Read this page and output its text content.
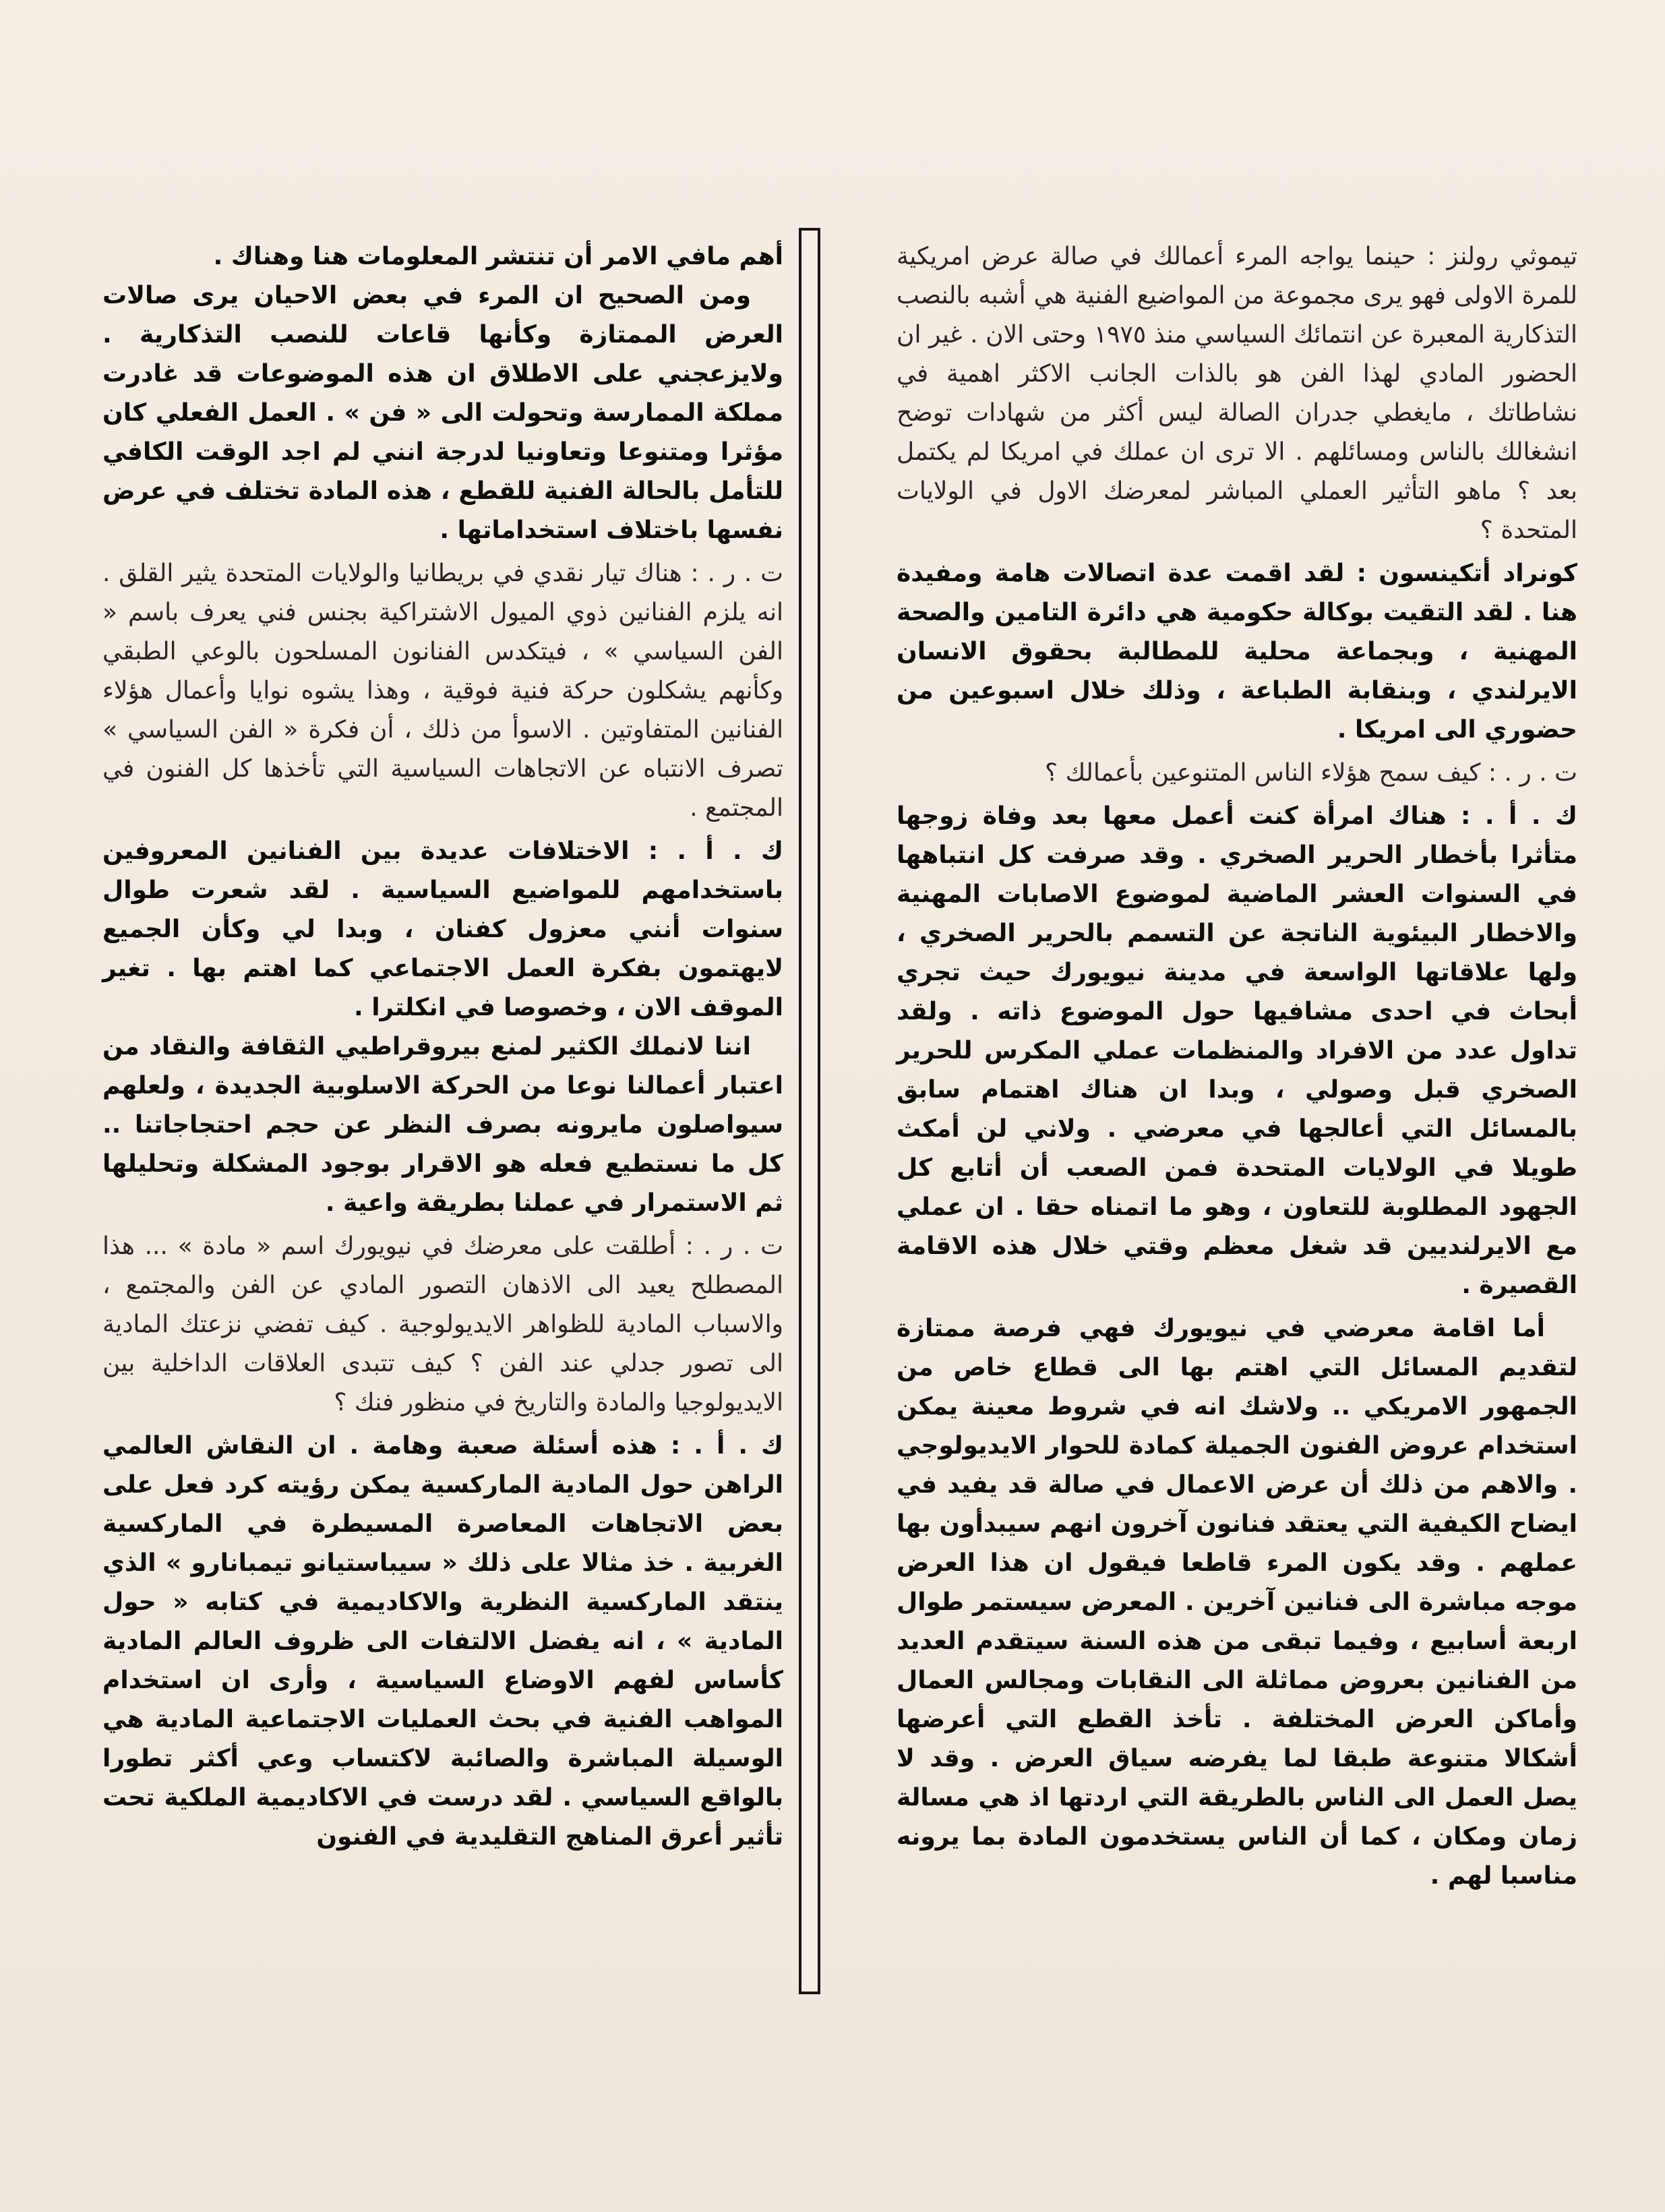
تيموثي رولنز : حينما يواجه المرء أعمالك في صالة عرض امريكية للمرة الاولى فهو يرى مجموعة من المواضيع الفنية هي أشبه بالنصب التذكارية المعبرة عن انتمائك السياسي منذ ١٩٧٥ وحتى الان . غير ان الحضور المادي لهذا الفن هو بالذات الجانب الاكثر اهمية في نشاطاتك ، مايغطي جدران الصالة ليس أكثر من شهادات توضح انشغالك بالناس ومسائلهم . الا ترى ان عملك في امريكا لم يكتمل بعد ؟ ماهو التأثير العملي المباشر لمعرضك الاول في الولايات المتحدة ؟

كونراد أتكينسون : لقد اقمت عدة اتصالات هامة ومفيدة هنا . لقد التقيت بوكالة حكومية هي دائرة التامين والصحة المهنية ، وبجماعة محلية للمطالبة بحقوق الانسان الايرلندي ، وبنقابة الطباعة ، وذلك خلال اسبوعين من حضوري الى امريكا .

ت . ر . : كيف سمح هؤلاء الناس المتنوعين بأعمالك ؟

ك . أ . : هناك امرأة كنت أعمل معها بعد وفاة زوجها متأثرا بأخطار الحرير الصخري . وقد صرفت كل انتباهها في السنوات العشر الماضية لموضوع الاصابات المهنية والاخطار البيئوية الناتجة عن التسمم بالحرير الصخري ، ولها علاقاتها الواسعة في مدينة نيويورك حيث تجري أبحاث في احدى مشافيها حول الموضوع ذاته . ولقد تداول عدد من الافراد والمنظمات عملي المكرس للحرير الصخري قبل وصولي ، وبدا ان هناك اهتمام سابق بالمسائل التي أعالجها في معرضي . ولاني لن أمكث طويلا في الولايات المتحدة فمن الصعب أن أتابع كل الجهود المطلوبة للتعاون ، وهو ما اتمناه حقا . ان عملي مع الايرلنديين قد شغل معظم وقتي خلال هذه الاقامة القصيرة .

أما اقامة معرضي في نيويورك فهي فرصة ممتازة لتقديم المسائل التي اهتم بها الى قطاع خاص من الجمهور الامريكي .. ولاشك انه في شروط معينة يمكن استخدام عروض الفنون الجميلة كمادة للحوار الايديولوجي . والاهم من ذلك أن عرض الاعمال في صالة قد يفيد في ايضاح الكيفية التي يعتقد فنانون آخرون انهم سيبدأون بها عملهم . وقد يكون المرء قاطعا فيقول ان هذا العرض موجه مباشرة الى فنانين آخرين . المعرض سيستمر طوال اربعة أسابيع ، وفيما تبقى من هذه السنة سيتقدم العديد من الفنانين بعروض مماثلة الى النقابات ومجالس العمال وأماكن العرض المختلفة . تأخذ القطع التي أعرضها أشكالا متنوعة طبقا لما يفرضه سياق العرض . وقد لا يصل العمل الى الناس بالطريقة التي اردتها اذ هي مسالة زمان ومكان ، كما أن الناس يستخدمون المادة بما يرونه مناسبا لهم .

أهم مافي الامر أن تنتشر المعلومات هنا وهناك .

ومن الصحيح ان المرء في بعض الاحيان يرى صالات العرض الممتازة وكأنها قاعات للنصب التذكارية . ولايزعجني على الاطلاق ان هذه الموضوعات قد غادرت مملكة الممارسة وتحولت الى « فن » . العمل الفعلي كان مؤثرا ومتنوعا وتعاونيا لدرجة انني لم اجد الوقت الكافي للتأمل بالحالة الفنية للقطع ، هذه المادة تختلف في عرض نفسها باختلاف استخداماتها .

ت . ر . : هناك تيار نقدي في بريطانيا والولايات المتحدة يثير القلق . انه يلزم الفنانين ذوي الميول الاشتراكية بجنس فني يعرف باسم « الفن السياسي » ، فيتكدس الفنانون المسلحون بالوعي الطبقي وكأنهم يشكلون حركة فنية فوقية ، وهذا يشوه نوايا وأعمال هؤلاء الفنانين المتفاوتين . الاسوأ من ذلك ، أن فكرة « الفن السياسي » تصرف الانتباه عن الاتجاهات السياسية التي تأخذها كل الفنون في المجتمع .

ك . أ . : الاختلافات عديدة بين الفنانين المعروفين باستخدامهم للمواضيع السياسية . لقد شعرت طوال سنوات أنني معزول كفنان ، وبدا لي وكأن الجميع لايهتمون بفكرة العمل الاجتماعي كما اهتم بها . تغير الموقف الان ، وخصوصا في انكلترا .

اننا لانملك الكثير لمنع بيروقراطيي الثقافة والنقاد من اعتبار أعمالنا نوعا من الحركة الاسلوبية الجديدة ، ولعلهم سيواصلون مايرونه بصرف النظر عن حجم احتجاجاتنا .. كل ما نستطيع فعله هو الاقرار بوجود المشكلة وتحليلها ثم الاستمرار في عملنا بطريقة واعية .

ت . ر . : أطلقت على معرضك في نيويورك اسم « مادة » ... هذا المصطلح يعيد الى الاذهان التصور المادي عن الفن والمجتمع ، والاسباب المادية للظواهر الايديولوجية . كيف تفضي نزعتك المادية الى تصور جدلي عند الفن ؟ كيف تتبدى العلاقات الداخلية بين الايديولوجيا والمادة والتاريخ في منظور فنك ؟

ك . أ . : هذه أسئلة صعبة وهامة . ان النقاش العالمي الراهن حول المادية الماركسية يمكن رؤيته كرد فعل على بعض الاتجاهات المعاصرة المسيطرة في الماركسية الغربية . خذ مثالا على ذلك « سيباستيانو تيمبانارو » الذي ينتقد الماركسية النظرية والاكاديمية في كتابه « حول المادية » ، انه يفضل الالتفات الى ظروف العالم المادية كأساس لفهم الاوضاع السياسية ، وأرى ان استخدام المواهب الفنية في بحث العمليات الاجتماعية المادية هي الوسيلة المباشرة والصائبة لاكتساب وعي أكثر تطورا بالواقع السياسي . لقد درست في الاكاديمية الملكية تحت تأثير أعرق المناهج التقليدية في الفنون
